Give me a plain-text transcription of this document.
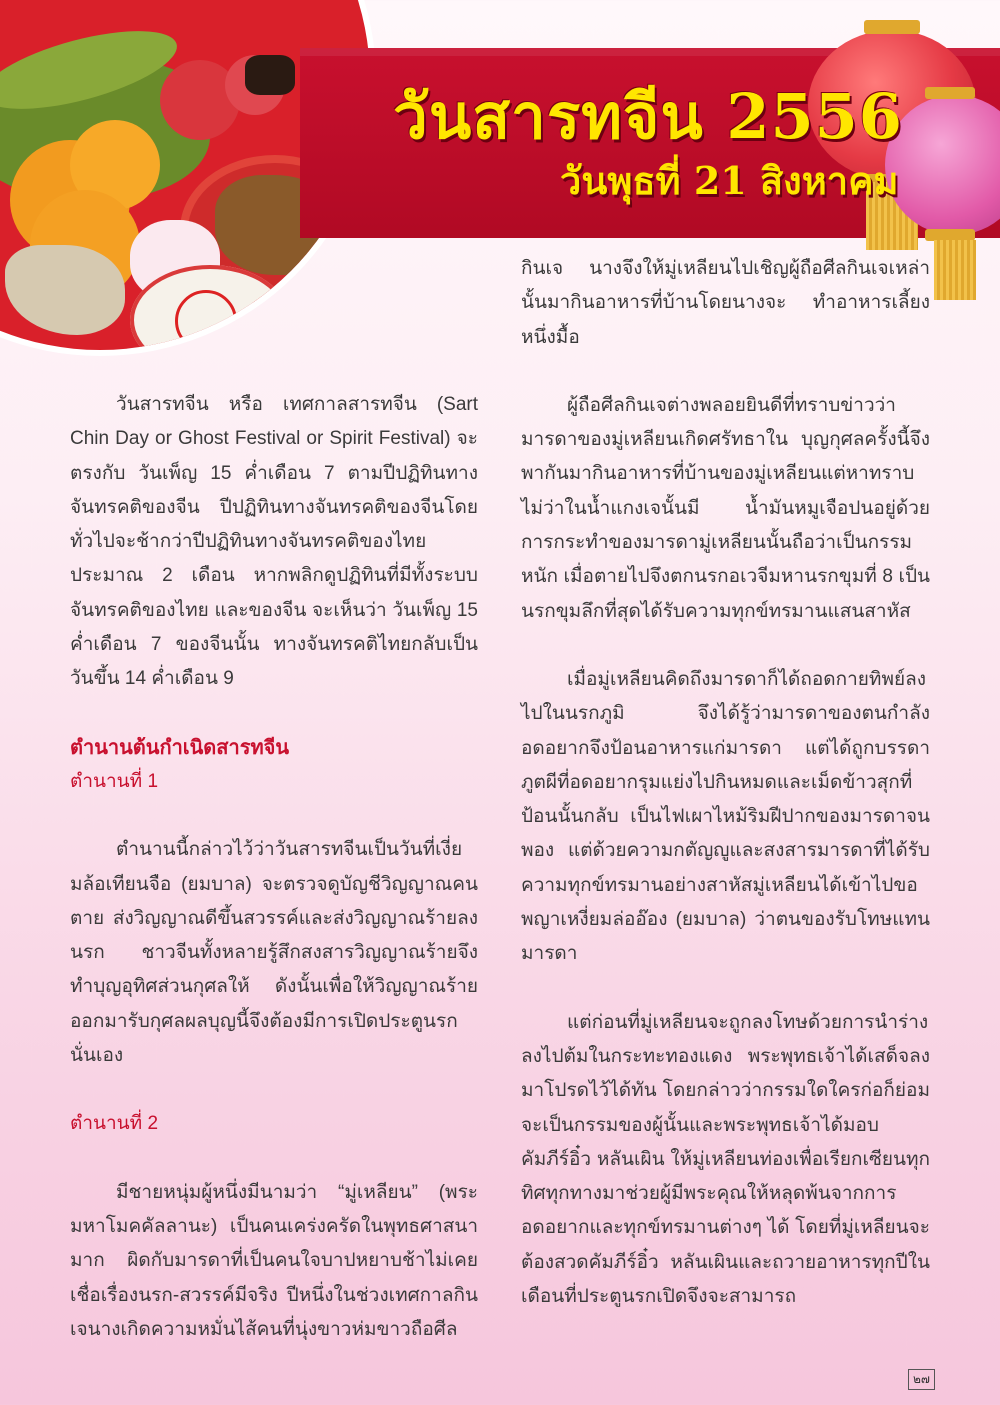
วันสารทจีน 2556
วันพุธที่ 21 สิงหาคม

วันสารทจีน หรือ เทศกาลสารทจีน (Sart Chin Day or Ghost Festival or Spirit Festival) จะตรงกับ วันเพ็ญ 15 ค่ำเดือน 7 ตามปีปฏิทินทางจันทรคติของจีน ปีปฏิทินทางจันทรคติของจีนโดยทั่วไปจะช้ากว่าปีปฏิทินทางจันทรคติของไทยประมาณ 2 เดือน หากพลิกดูปฏิทินที่มีทั้งระบบจันทรคติของไทย และของจีน จะเห็นว่า วันเพ็ญ 15 ค่ำเดือน 7 ของจีนนั้น ทางจันทรคติไทยกลับเป็น วันขึ้น 14 ค่ำเดือน 9

ตำนานต้นกำเนิดสารทจีน

ตำนานที่ 1

ตำนานนี้กล่าวไว้ว่าวันสารทจีนเป็นวันที่เงี่ยมล้อเทียนจือ (ยมบาล) จะตรวจดูบัญชีวิญญาณคนตาย ส่งวิญญาณดีขึ้นสวรรค์และส่งวิญญาณร้ายลงนรก ชาวจีนทั้งหลายรู้สึกสงสารวิญญาณร้ายจึงทำบุญอุทิศส่วนกุศลให้ ดังนั้นเพื่อให้วิญญาณร้ายออกมารับกุศลผลบุญนี้จึงต้องมีการเปิดประตูนรกนั่นเอง

ตำนานที่ 2

มีชายหนุ่มผู้หนึ่งมีนามว่า “มู่เหลียน” (พระมหาโมคคัลลานะ) เป็นคนเคร่งครัดในพุทธศาสนามาก ผิดกับมารดาที่เป็นคนใจบาปหยาบช้าไม่เคยเชื่อเรื่องนรก-สวรรค์มีจริง ปีหนึ่งในช่วงเทศกาลกินเจนางเกิดความหมั่นไส้คนที่นุ่งขาวห่มขาวถือศีล

กินเจ นางจึงให้มู่เหลียนไปเชิญผู้ถือศีลกินเจเหล่านั้นมากินอาหารที่บ้านโดยนางจะ ทำอาหารเลี้ยงหนึ่งมื้อ

ผู้ถือศีลกินเจต่างพลอยยินดีที่ทราบข่าวว่ามารดาของมู่เหลียนเกิดศรัทธาใน บุญกุศลครั้งนี้จึงพากันมากินอาหารที่บ้านของมู่เหลียนแต่หาทราบไม่ว่าในน้ำแกงเจนั้นมี น้ำมันหมูเจือปนอยู่ด้วย การกระทำของมารดามู่เหลียนนั้นถือว่าเป็นกรรมหนัก เมื่อตายไปจึงตกนรกอเวจีมหานรกขุมที่ 8 เป็นนรกขุมลึกที่สุดได้รับความทุกข์ทรมานแสนสาหัส

เมื่อมู่เหลียนคิดถึงมารดาก็ได้ถอดกายทิพย์ลงไปในนรกภูมิ จึงได้รู้ว่ามารดาของตนกำลังอดอยากจึงป้อนอาหารแก่มารดา แต่ได้ถูกบรรดาภูตผีที่อดอยากรุมแย่งไปกินหมดและเม็ดข้าวสุกที่ป้อนนั้นกลับ เป็นไฟเผาไหม้ริมฝีปากของมารดาจนพอง แต่ด้วยความกตัญญูและสงสารมารดาที่ได้รับความทุกข์ทรมานอย่างสาหัสมู่เหลียนได้เข้าไปขอพญาเหงี่ยมล่ออ๊อง (ยมบาล) ว่าตนของรับโทษแทนมารดา

แต่ก่อนที่มู่เหลียนจะถูกลงโทษด้วยการนำร่างลงไปต้มในกระทะทองแดง พระพุทธเจ้าได้เสด็จลงมาโปรดไว้ได้ทัน โดยกล่าวว่ากรรมใดใครก่อก็ย่อมจะเป็นกรรมของผู้นั้นและพระพุทธเจ้าได้มอบ คัมภีร์อิ๋ว หลันเผิน ให้มู่เหลียนท่องเพื่อเรียกเซียนทุกทิศทุกทางมาช่วยผู้มีพระคุณให้หลุดพ้นจากการอดอยากและทุกข์ทรมานต่างๆ ได้ โดยที่มู่เหลียนจะต้องสวดคัมภีร์อิ๋ว หลันเผินและถวายอาหารทุกปีในเดือนที่ประตูนรกเปิดจึงจะสามารถ

๒๗
